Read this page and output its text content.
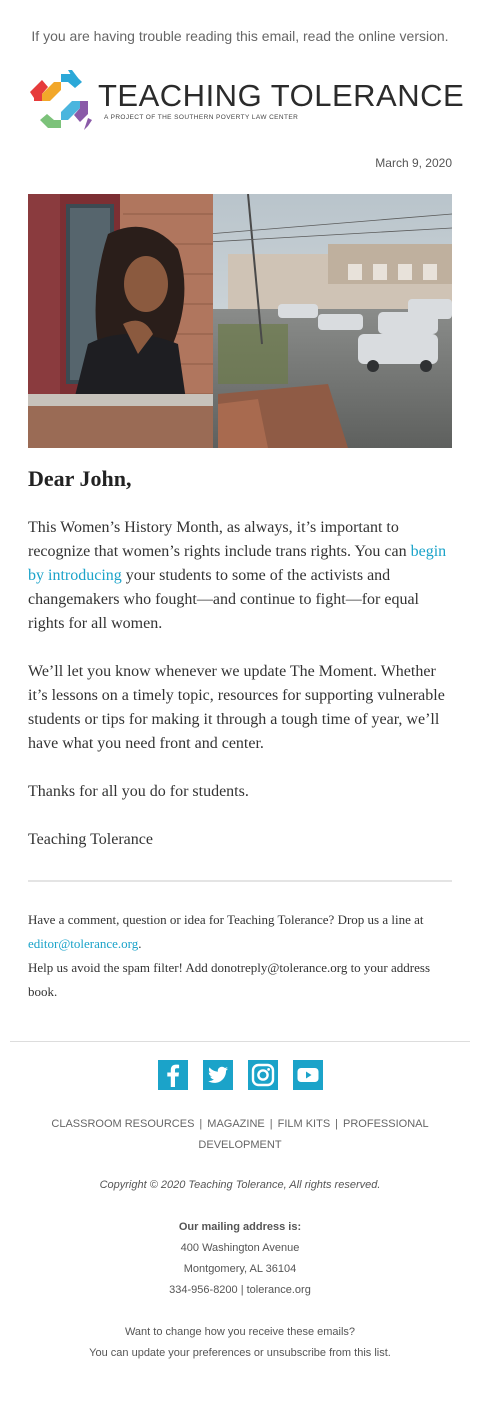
If you are having trouble reading this email, read the online version.
TEACHING TOLERANCE
A PROJECT OF THE SOUTHERN POVERTY LAW CENTER
March 9, 2020
Dear John,

This Women’s History Month, as always, it’s important to recognize that women’s rights include trans rights. You can begin by introducing your students to some of the activists and changemakers who fought—and continue to fight—for equal rights for all women.

We’ll let you know whenever we update The Moment. Whether it’s lessons on a timely topic, resources for supporting vulnerable students or tips for making it through a tough time of year, we’ll have what you need front and center.

Thanks for all you do for students.

Teaching Tolerance

Have a comment, question or idea for Teaching Tolerance? Drop us a line at editor@tolerance.org.

Help us avoid the spam filter! Add donotreply@tolerance.org to your address book.

CLASSROOM RESOURCES | MAGAZINE | FILM KITS | PROFESSIONAL DEVELOPMENT
Copyright © 2020 Teaching Tolerance, All rights reserved.
Our mailing address is:
400 Washington Avenue
Montgomery, AL 36104
334-956-8200 | tolerance.org
Want to change how you receive these emails?
You can update your preferences or unsubscribe from this list.
